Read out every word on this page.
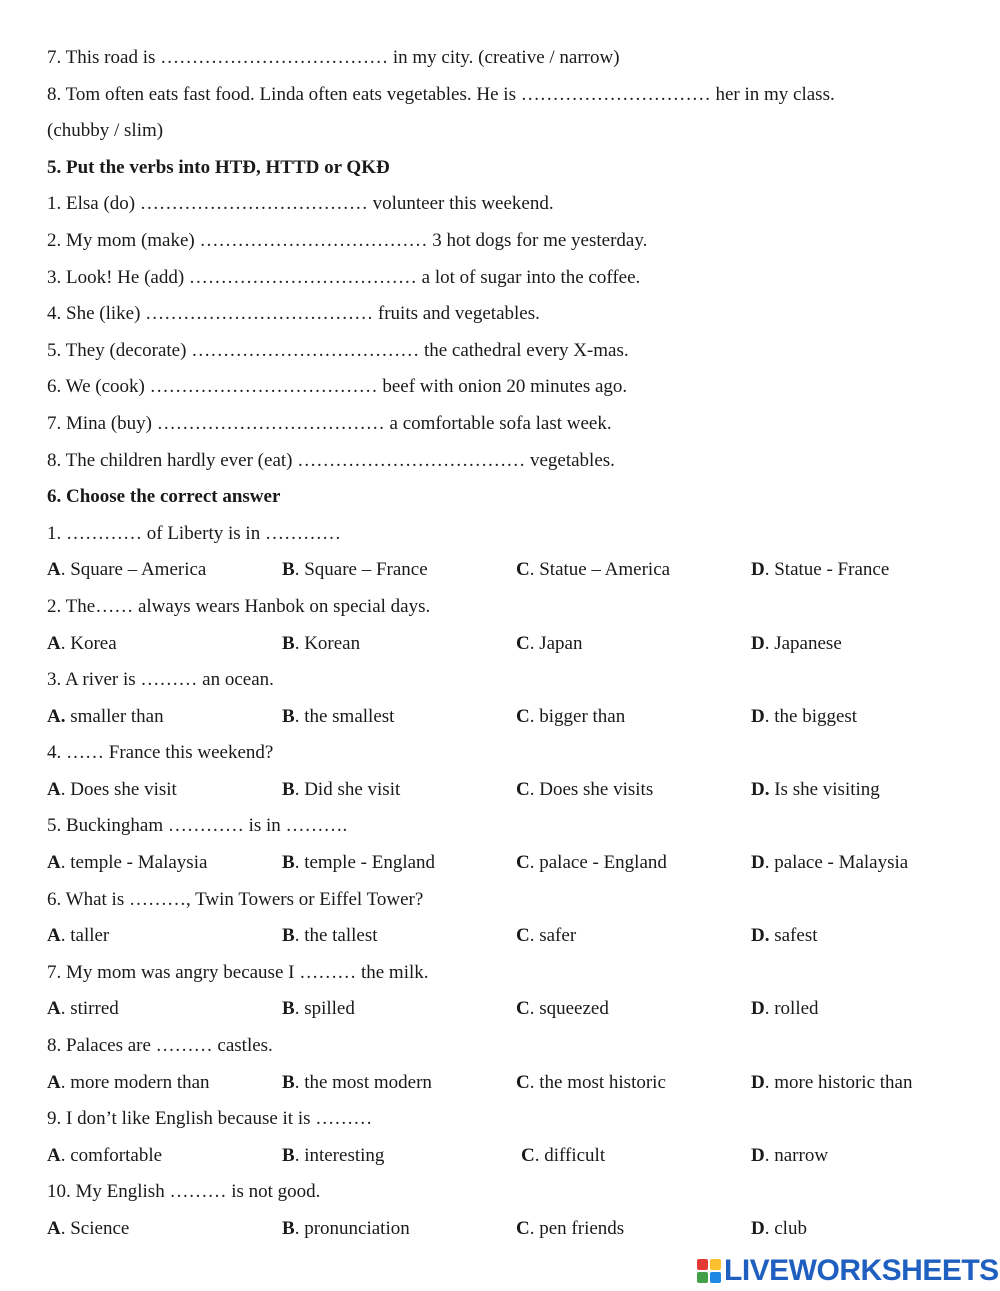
7. This road is ……………………………… in my city. (creative / narrow)
8. Tom often eats fast food. Linda often eats vegetables. He is ………………………… her in my class.
(chubby / slim)
5. Put the verbs into HTĐ, HTTD or QKĐ
1. Elsa (do) ……………………………… volunteer this weekend.
2. My mom (make) ……………………………… 3 hot dogs for me yesterday.
3. Look! He (add) ……………………………… a lot of sugar into the coffee.
4. She (like) ……………………………… fruits and vegetables.
5. They (decorate) ……………………………… the cathedral every X-mas.
6. We (cook) ……………………………… beef with onion 20 minutes ago.
7. Mina (buy) ……………………………… a comfortable sofa last week.
8. The children hardly ever (eat) ……………………………… vegetables.
6. Choose the correct answer
1. ………… of Liberty is in …………
A. Square – America	B. Square – France	C. Statue – America	D. Statue - France
2. The…… always wears Hanbok on special days.
A. Korea	B. Korean	C. Japan	D. Japanese
3. A river is ……… an ocean.
A. smaller than	B. the smallest	C. bigger than	D. the biggest
4. …… France this weekend?
A. Does she visit	B. Did she visit	C. Does she visits	D. Is she visiting
5. Buckingham ………… is in ……….
A. temple - Malaysia	B. temple - England	C. palace - England	D. palace - Malaysia
6. What is ………, Twin Towers or Eiffel Tower?
A. taller	B. the tallest	C. safer	D. safest
7. My mom was angry because I ……… the milk.
A. stirred	B. spilled	C. squeezed	D. rolled
8. Palaces are ……… castles.
A. more modern than	B. the most modern	C. the most historic	D. more historic than
9. I don’t like English because it is ………
A. comfortable	B. interesting	C. difficult	D. narrow
10. My English ……… is not good.
A. Science	B. pronunciation	C. pen friends	D. club
LIVEWORKSHEETS
